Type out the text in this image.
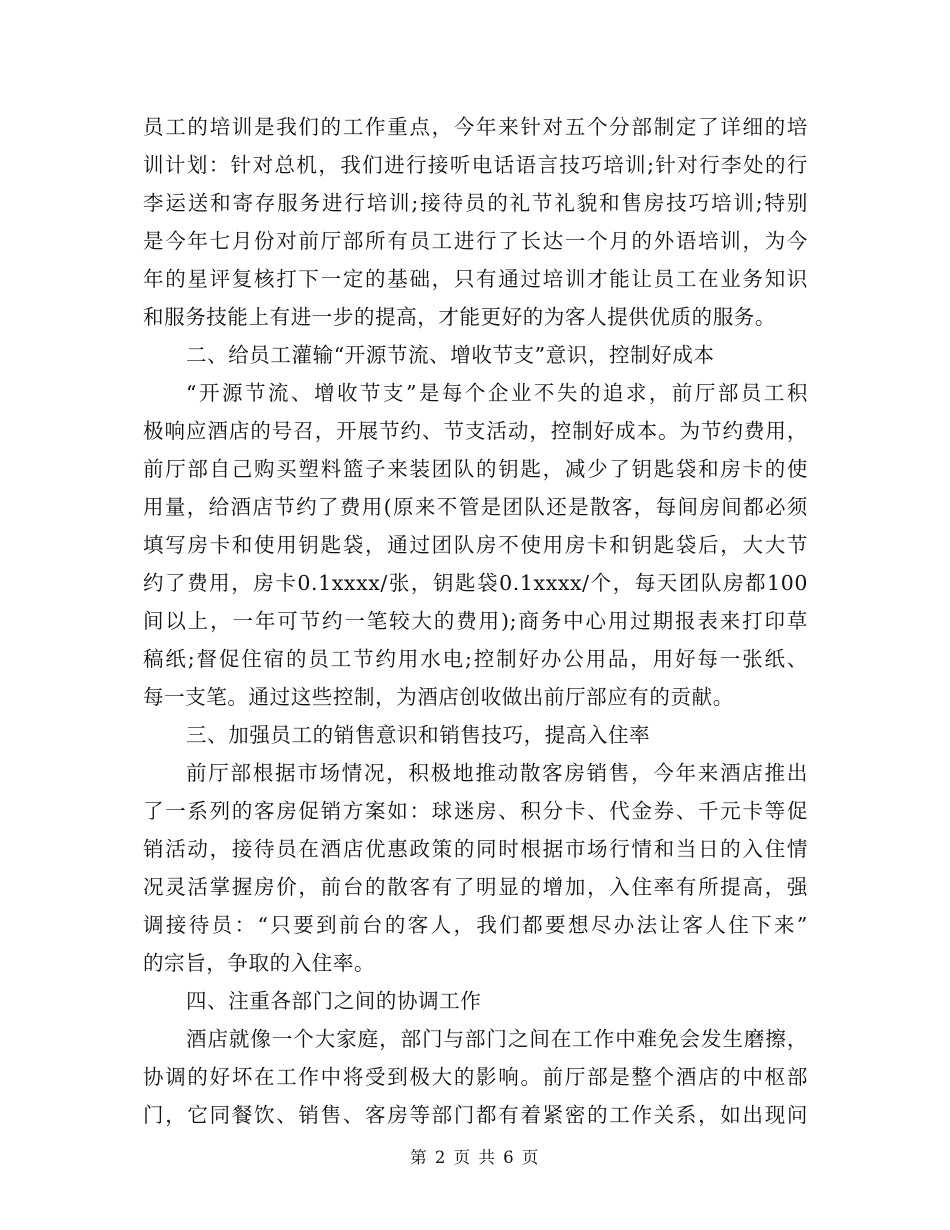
员工的培训是我们的工作重点，今年来针对五个分部制定了详细的培
训计划：针对总机，我们进行接听电话语言技巧培训;针对行李处的行
李运送和寄存服务进行培训;接待员的礼节礼貌和售房技巧培训;特别
是今年七月份对前厅部所有员工进行了长达一个月的外语培训，为今
年的星评复核打下一定的基础，只有通过培训才能让员工在业务知识
和服务技能上有进一步的提高，才能更好的为客人提供优质的服务。
二、给员工灌输“开源节流、增收节支”意识，控制好成本
“开源节流、增收节支”是每个企业不失的追求，前厅部员工积
极响应酒店的号召，开展节约、节支活动，控制好成本。为节约费用，
前厅部自己购买塑料篮子来装团队的钥匙，减少了钥匙袋和房卡的使
用量，给酒店节约了费用(原来不管是团队还是散客，每间房间都必须
填写房卡和使用钥匙袋，通过团队房不使用房卡和钥匙袋后，大大节
约了费用，房卡0.1xxxx/张，钥匙袋0.1xxxx/个，每天团队房都100
间以上，一年可节约一笔较大的费用);商务中心用过期报表来打印草
稿纸;督促住宿的员工节约用水电;控制好办公用品，用好每一张纸、
每一支笔。通过这些控制，为酒店创收做出前厅部应有的贡献。
三、加强员工的销售意识和销售技巧，提高入住率
前厅部根据市场情况，积极地推动散客房销售，今年来酒店推出
了一系列的客房促销方案如：球迷房、积分卡、代金券、千元卡等促
销活动，接待员在酒店优惠政策的同时根据市场行情和当日的入住情
况灵活掌握房价，前台的散客有了明显的增加，入住率有所提高，强
调接待员：“只要到前台的客人，我们都要想尽办法让客人住下来”
的宗旨，争取的入住率。
四、注重各部门之间的协调工作
酒店就像一个大家庭，部门与部门之间在工作中难免会发生磨擦，
协调的好坏在工作中将受到极大的影响。前厅部是整个酒店的中枢部
门，它同餐饮、销售、客房等部门都有着紧密的工作关系，如出现问
第 2 页 共 6 页
